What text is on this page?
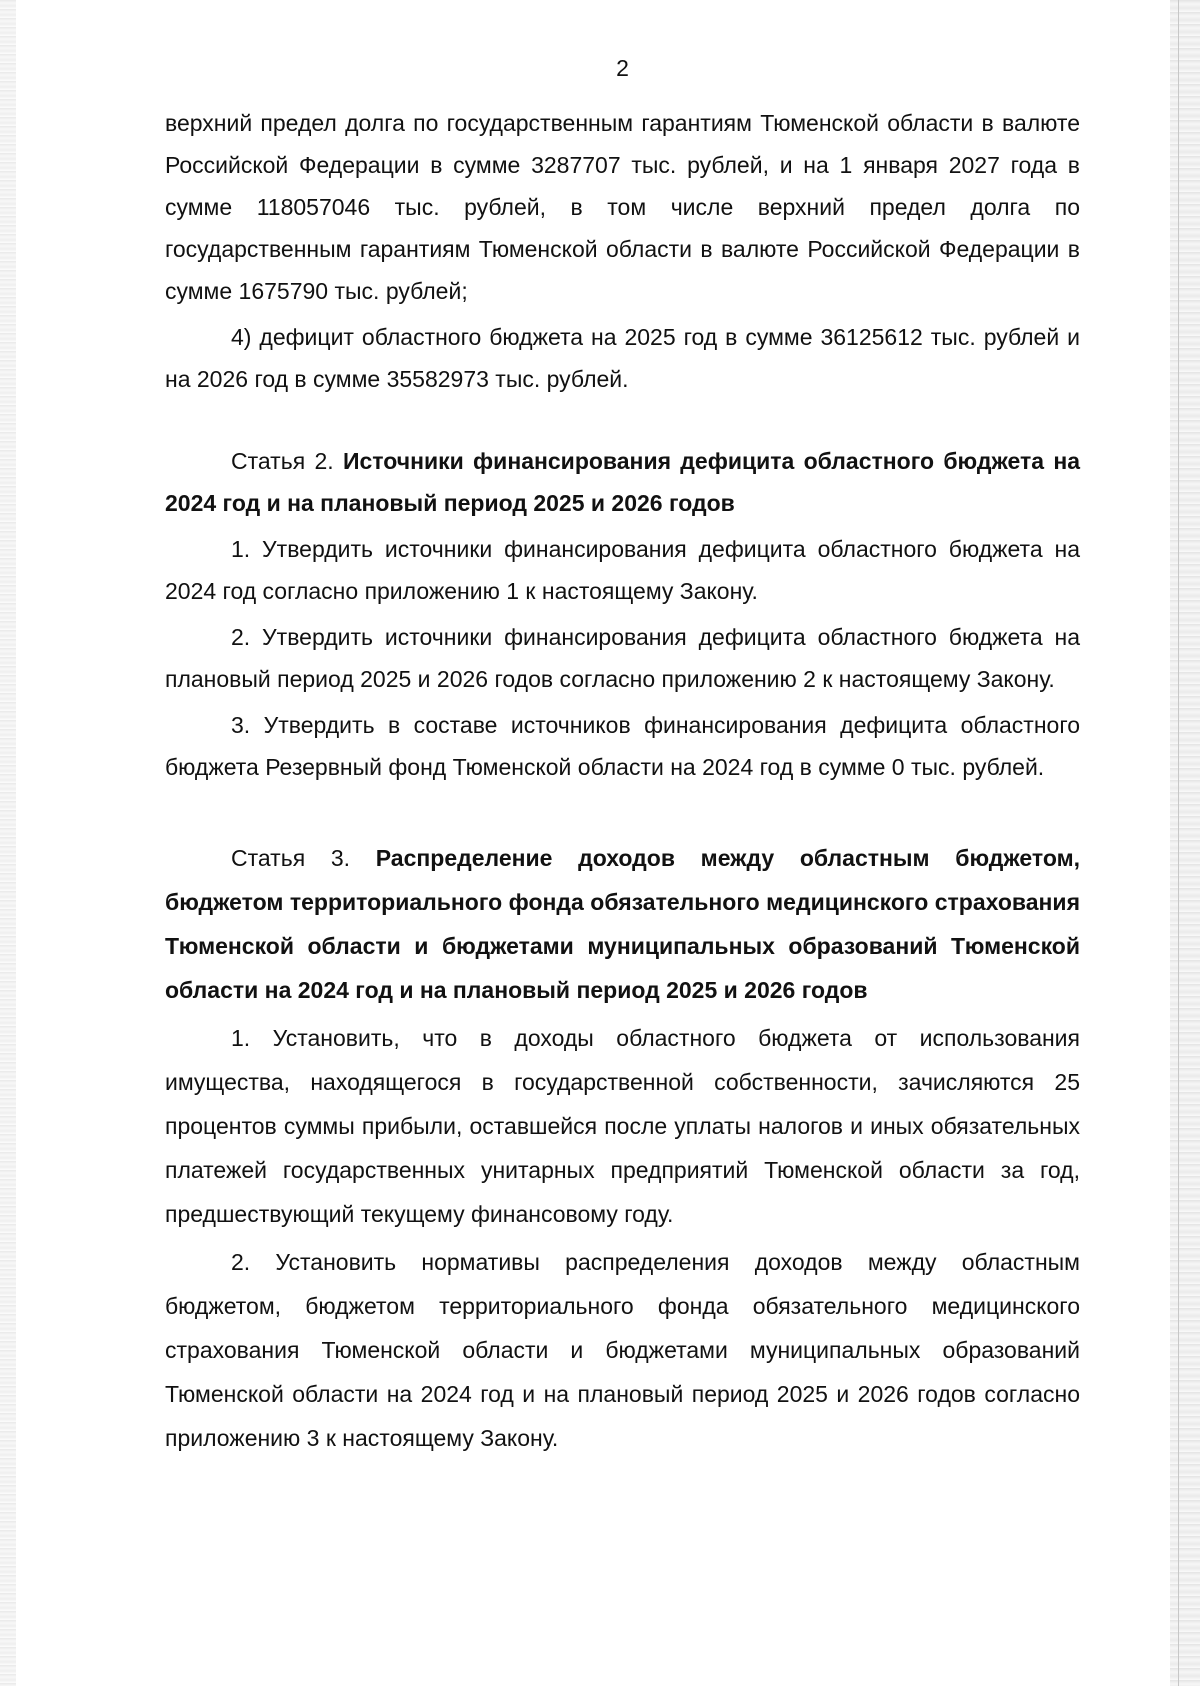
2

верхний предел долга по государственным гарантиям Тюменской области в валюте Российской Федерации в сумме 3287707 тыс. рублей, и на 1 января 2027 года в сумме 118057046 тыс. рублей, в том числе верхний предел долга по государственным гарантиям Тюменской области в валюте Российской Федерации в сумме 1675790 тыс. рублей;

4) дефицит областного бюджета на 2025 год в сумме 36125612 тыс. рублей и на 2026 год в сумме 35582973 тыс. рублей.

Статья 2. Источники финансирования дефицита областного бюджета на 2024 год и на плановый период 2025 и 2026 годов

1. Утвердить источники финансирования дефицита областного бюджета на 2024 год согласно приложению 1 к настоящему Закону.

2. Утвердить источники финансирования дефицита областного бюджета на плановый период 2025 и 2026 годов согласно приложению 2 к настоящему Закону.

3. Утвердить в составе источников финансирования дефицита областного бюджета Резервный фонд Тюменской области на 2024 год в сумме 0 тыс. рублей.

Статья 3. Распределение доходов между областным бюджетом, бюджетом территориального фонда обязательного медицинского страхования Тюменской области и бюджетами муниципальных образований Тюменской области на 2024 год и на плановый период 2025 и 2026 годов

1. Установить, что в доходы областного бюджета от использования имущества, находящегося в государственной собственности, зачисляются 25 процентов суммы прибыли, оставшейся после уплаты налогов и иных обязательных платежей государственных унитарных предприятий Тюменской области за год, предшествующий текущему финансовому году.

2. Установить нормативы распределения доходов между областным бюджетом, бюджетом территориального фонда обязательного медицинского страхования Тюменской области и бюджетами муниципальных образований Тюменской области на 2024 год и на плановый период 2025 и 2026 годов согласно приложению 3 к настоящему Закону.
